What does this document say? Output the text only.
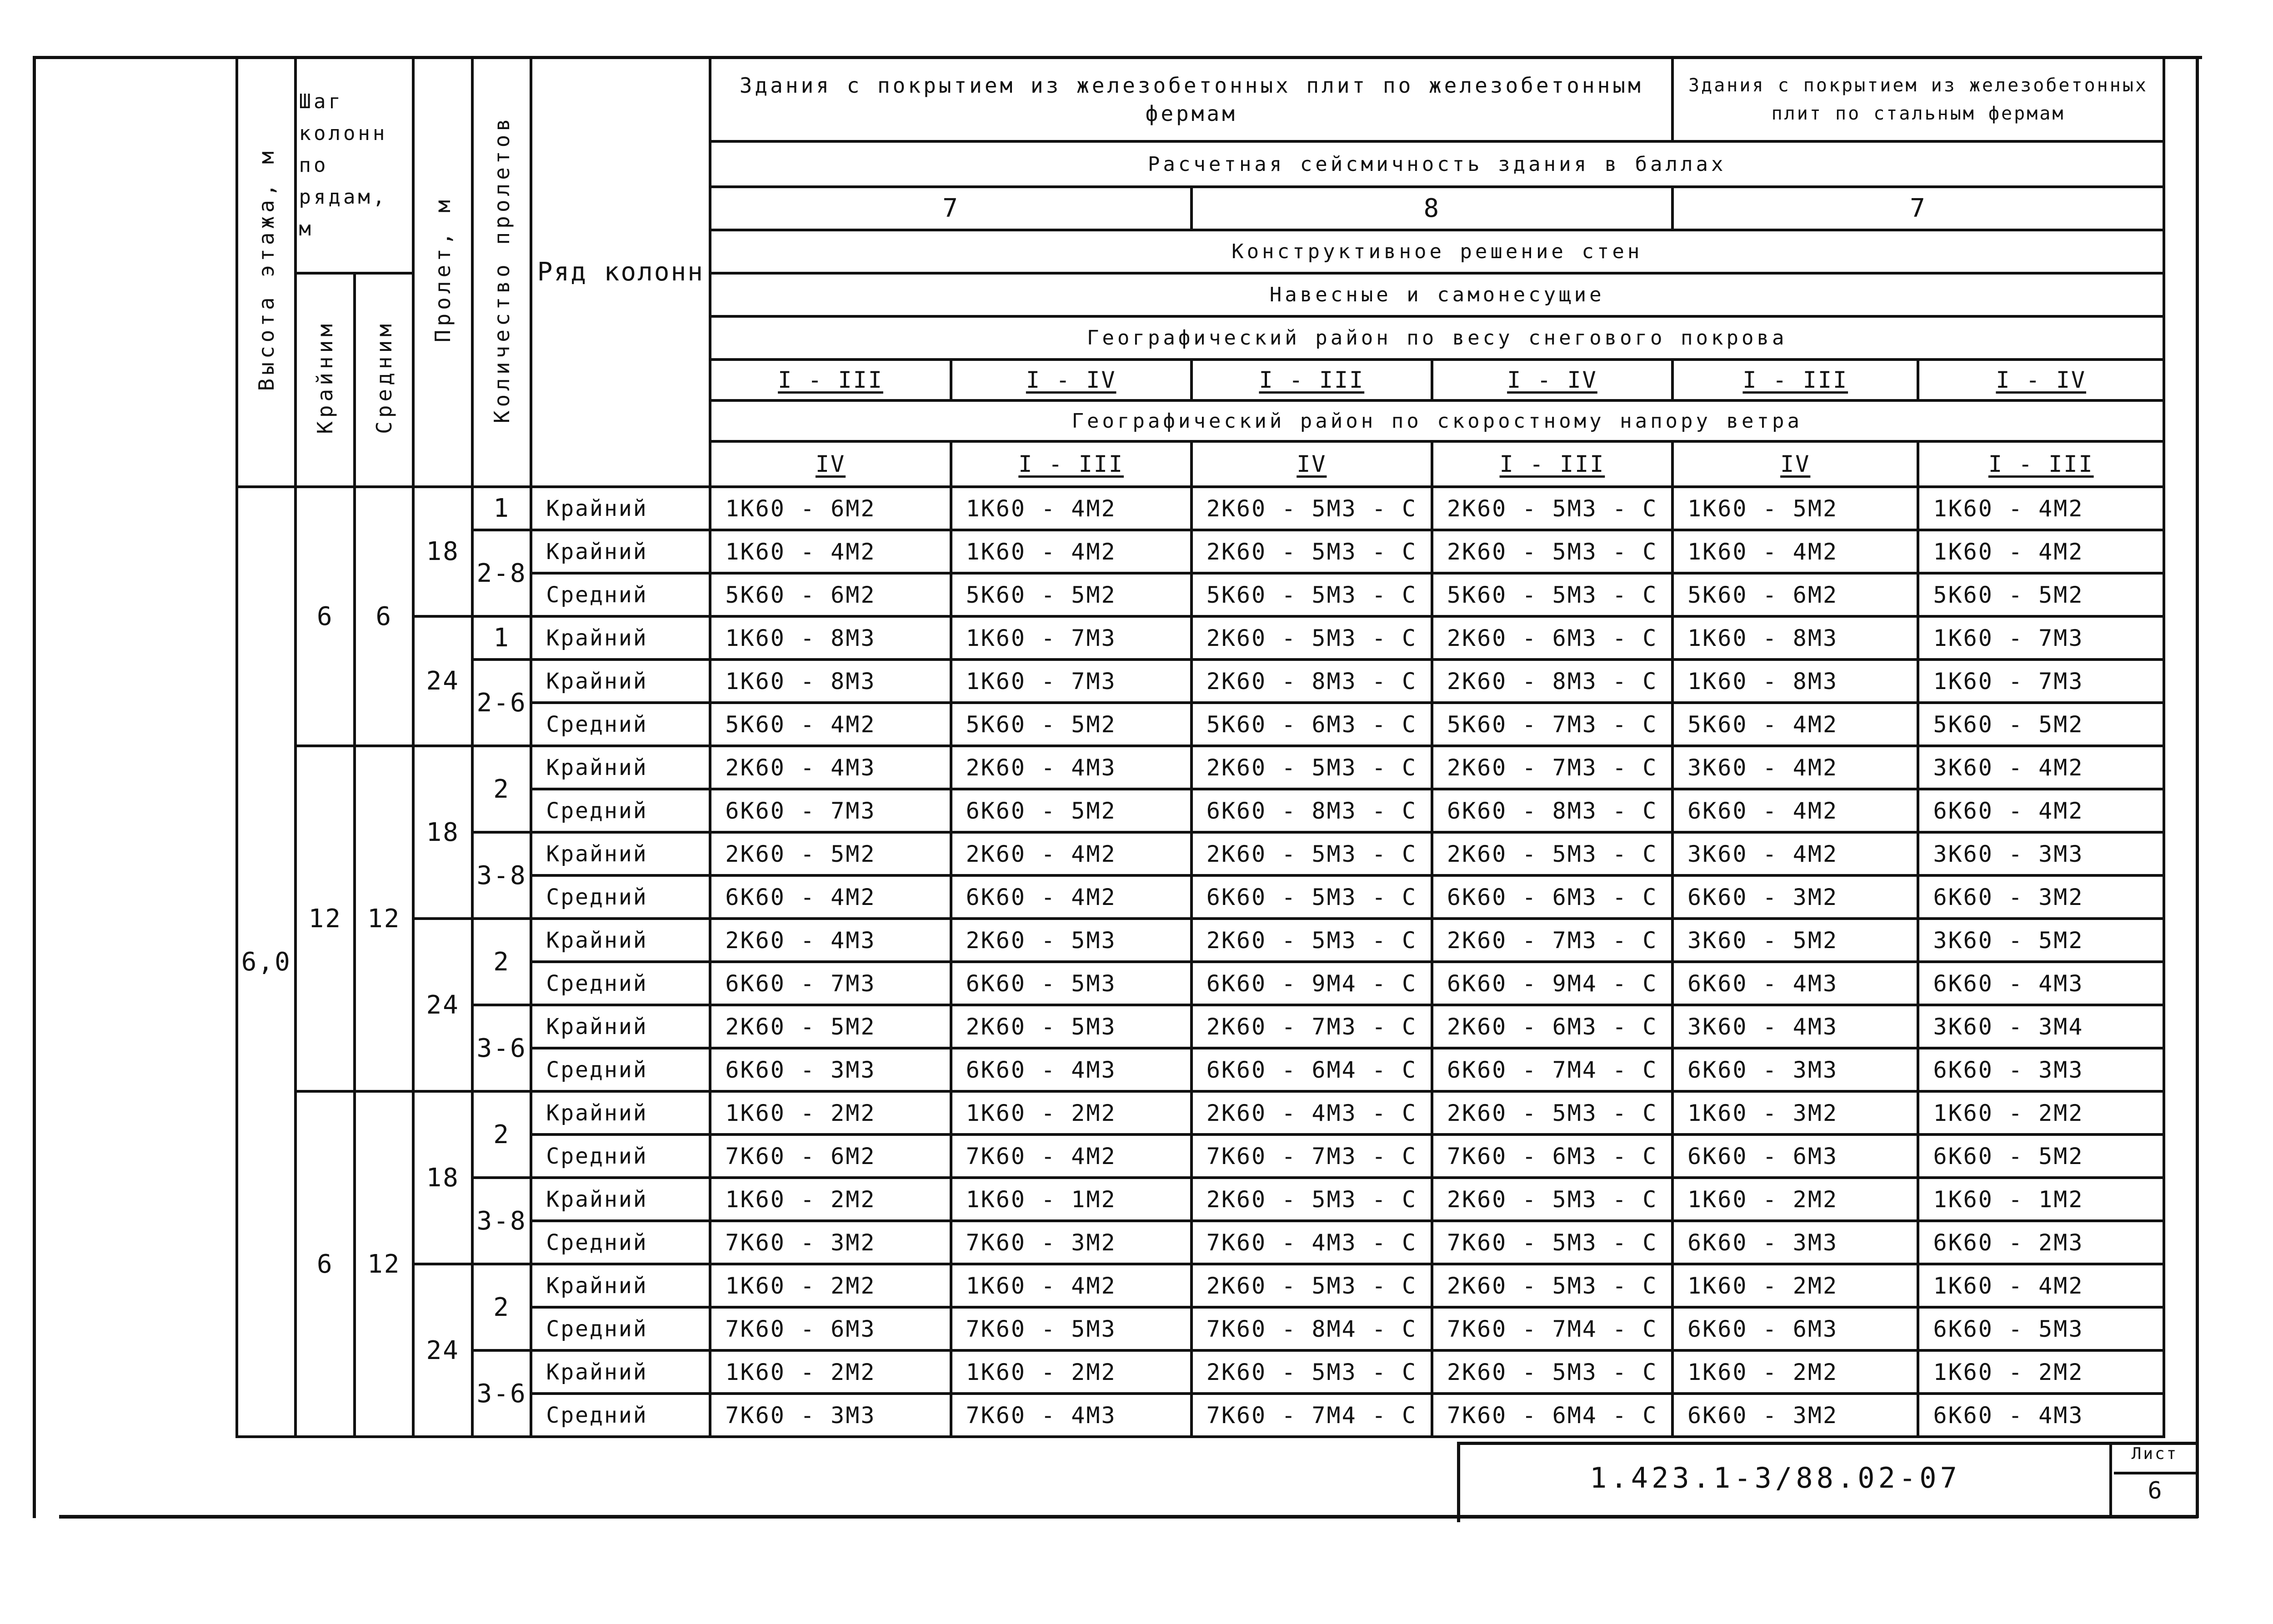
Высота этажа, м	Шаг колонн по рядам, м		Пролет, м	Количество пролетов	Ряд колонн	Здания с покрытием из железобетонных плит по железобетонным фермам				Здания с покрытием из железобетонных плит по стальным фермам	
						Расчетная сейсмичность здания в баллах					
						7		8		7	
						Конструктивное решение стен					
	Крайним	Средним				Навесные и самонесущие					
						Географический район по весу снегового покрова					
						I - III	I - IV	I - III	I - IV	I - III	I - IV
						Географический район по скоростному напору ветра					
						IV	I - III	IV	I - III	IV	I - III
6,0	6	6	18	1	Крайний	1K60 - 6M2	1K60 - 4M2	2K60 - 5M3 - C	2K60 - 5M3 - C	1K60 - 5M2	1K60 - 4M2
				2-8	Крайний	1K60 - 4M2	1K60 - 4M2	2K60 - 5M3 - C	2K60 - 5M3 - C	1K60 - 4M2	1K60 - 4M2
					Средний	5K60 - 6M2	5K60 - 5M2	5K60 - 5M3 - C	5K60 - 5M3 - C	5K60 - 6M2	5K60 - 5M2
			24	1	Крайний	1K60 - 8M3	1K60 - 7M3	2K60 - 5M3 - C	2K60 - 6M3 - C	1K60 - 8M3	1K60 - 7M3
				2-6	Крайний	1K60 - 8M3	1K60 - 7M3	2K60 - 8M3 - C	2K60 - 8M3 - C	1K60 - 8M3	1K60 - 7M3
					Средний	5K60 - 4M2	5K60 - 5M2	5K60 - 6M3 - C	5K60 - 7M3 - C	5K60 - 4M2	5K60 - 5M2
	12	12	18	2	Крайний	2K60 - 4M3	2K60 - 4M3	2K60 - 5M3 - C	2K60 - 7M3 - C	3K60 - 4M2	3K60 - 4M2
					Средний	6K60 - 7M3	6K60 - 5M2	6K60 - 8M3 - C	6K60 - 8M3 - C	6K60 - 4M2	6K60 - 4M2
				3-8	Крайний	2K60 - 5M2	2K60 - 4M2	2K60 - 5M3 - C	2K60 - 5M3 - C	3K60 - 4M2	3K60 - 3M3
					Средний	6K60 - 4M2	6K60 - 4M2	6K60 - 5M3 - C	6K60 - 6M3 - C	6K60 - 3M2	6K60 - 3M2
			24	2	Крайний	2K60 - 4M3	2K60 - 5M3	2K60 - 5M3 - C	2K60 - 7M3 - C	3K60 - 5M2	3K60 - 5M2
					Средний	6K60 - 7M3	6K60 - 5M3	6K60 - 9M4 - C	6K60 - 9M4 - C	6K60 - 4M3	6K60 - 4M3
				3-6	Крайний	2K60 - 5M2	2K60 - 5M3	2K60 - 7M3 - C	2K60 - 6M3 - C	3K60 - 4M3	3K60 - 3M4
					Средний	6K60 - 3M3	6K60 - 4M3	6K60 - 6M4 - C	6K60 - 7M4 - C	6K60 - 3M3	6K60 - 3M3
	6	12	18	2	Крайний	1K60 - 2M2	1K60 - 2M2	2K60 - 4M3 - C	2K60 - 5M3 - C	1K60 - 3M2	1K60 - 2M2
					Средний	7K60 - 6M2	7K60 - 4M2	7K60 - 7M3 - C	7K60 - 6M3 - C	6K60 - 6M3	6K60 - 5M2
				3-8	Крайний	1K60 - 2M2	1K60 - 1M2	2K60 - 5M3 - C	2K60 - 5M3 - C	1K60 - 2M2	1K60 - 1M2
					Средний	7K60 - 3M2	7K60 - 3M2	7K60 - 4M3 - C	7K60 - 5M3 - C	6K60 - 3M3	6K60 - 2M3
			24	2	Крайний	1K60 - 2M2	1K60 - 4M2	2K60 - 5M3 - C	2K60 - 5M3 - C	1K60 - 2M2	1K60 - 4M2
					Средний	7K60 - 6M3	7K60 - 5M3	7K60 - 8M4 - C	7K60 - 7M4 - C	6K60 - 6M3	6K60 - 5M3
				3-6	Крайний	1K60 - 2M2	1K60 - 2M2	2K60 - 5M3 - C	2K60 - 5M3 - C	1K60 - 2M2	1K60 - 2M2
					Средний	7K60 - 3M3	7K60 - 4M3	7K60 - 7M4 - C	7K60 - 6M4 - C	6K60 - 3M2	6K60 - 4M3
1.423.1-3/88.02-07
Лист
6
